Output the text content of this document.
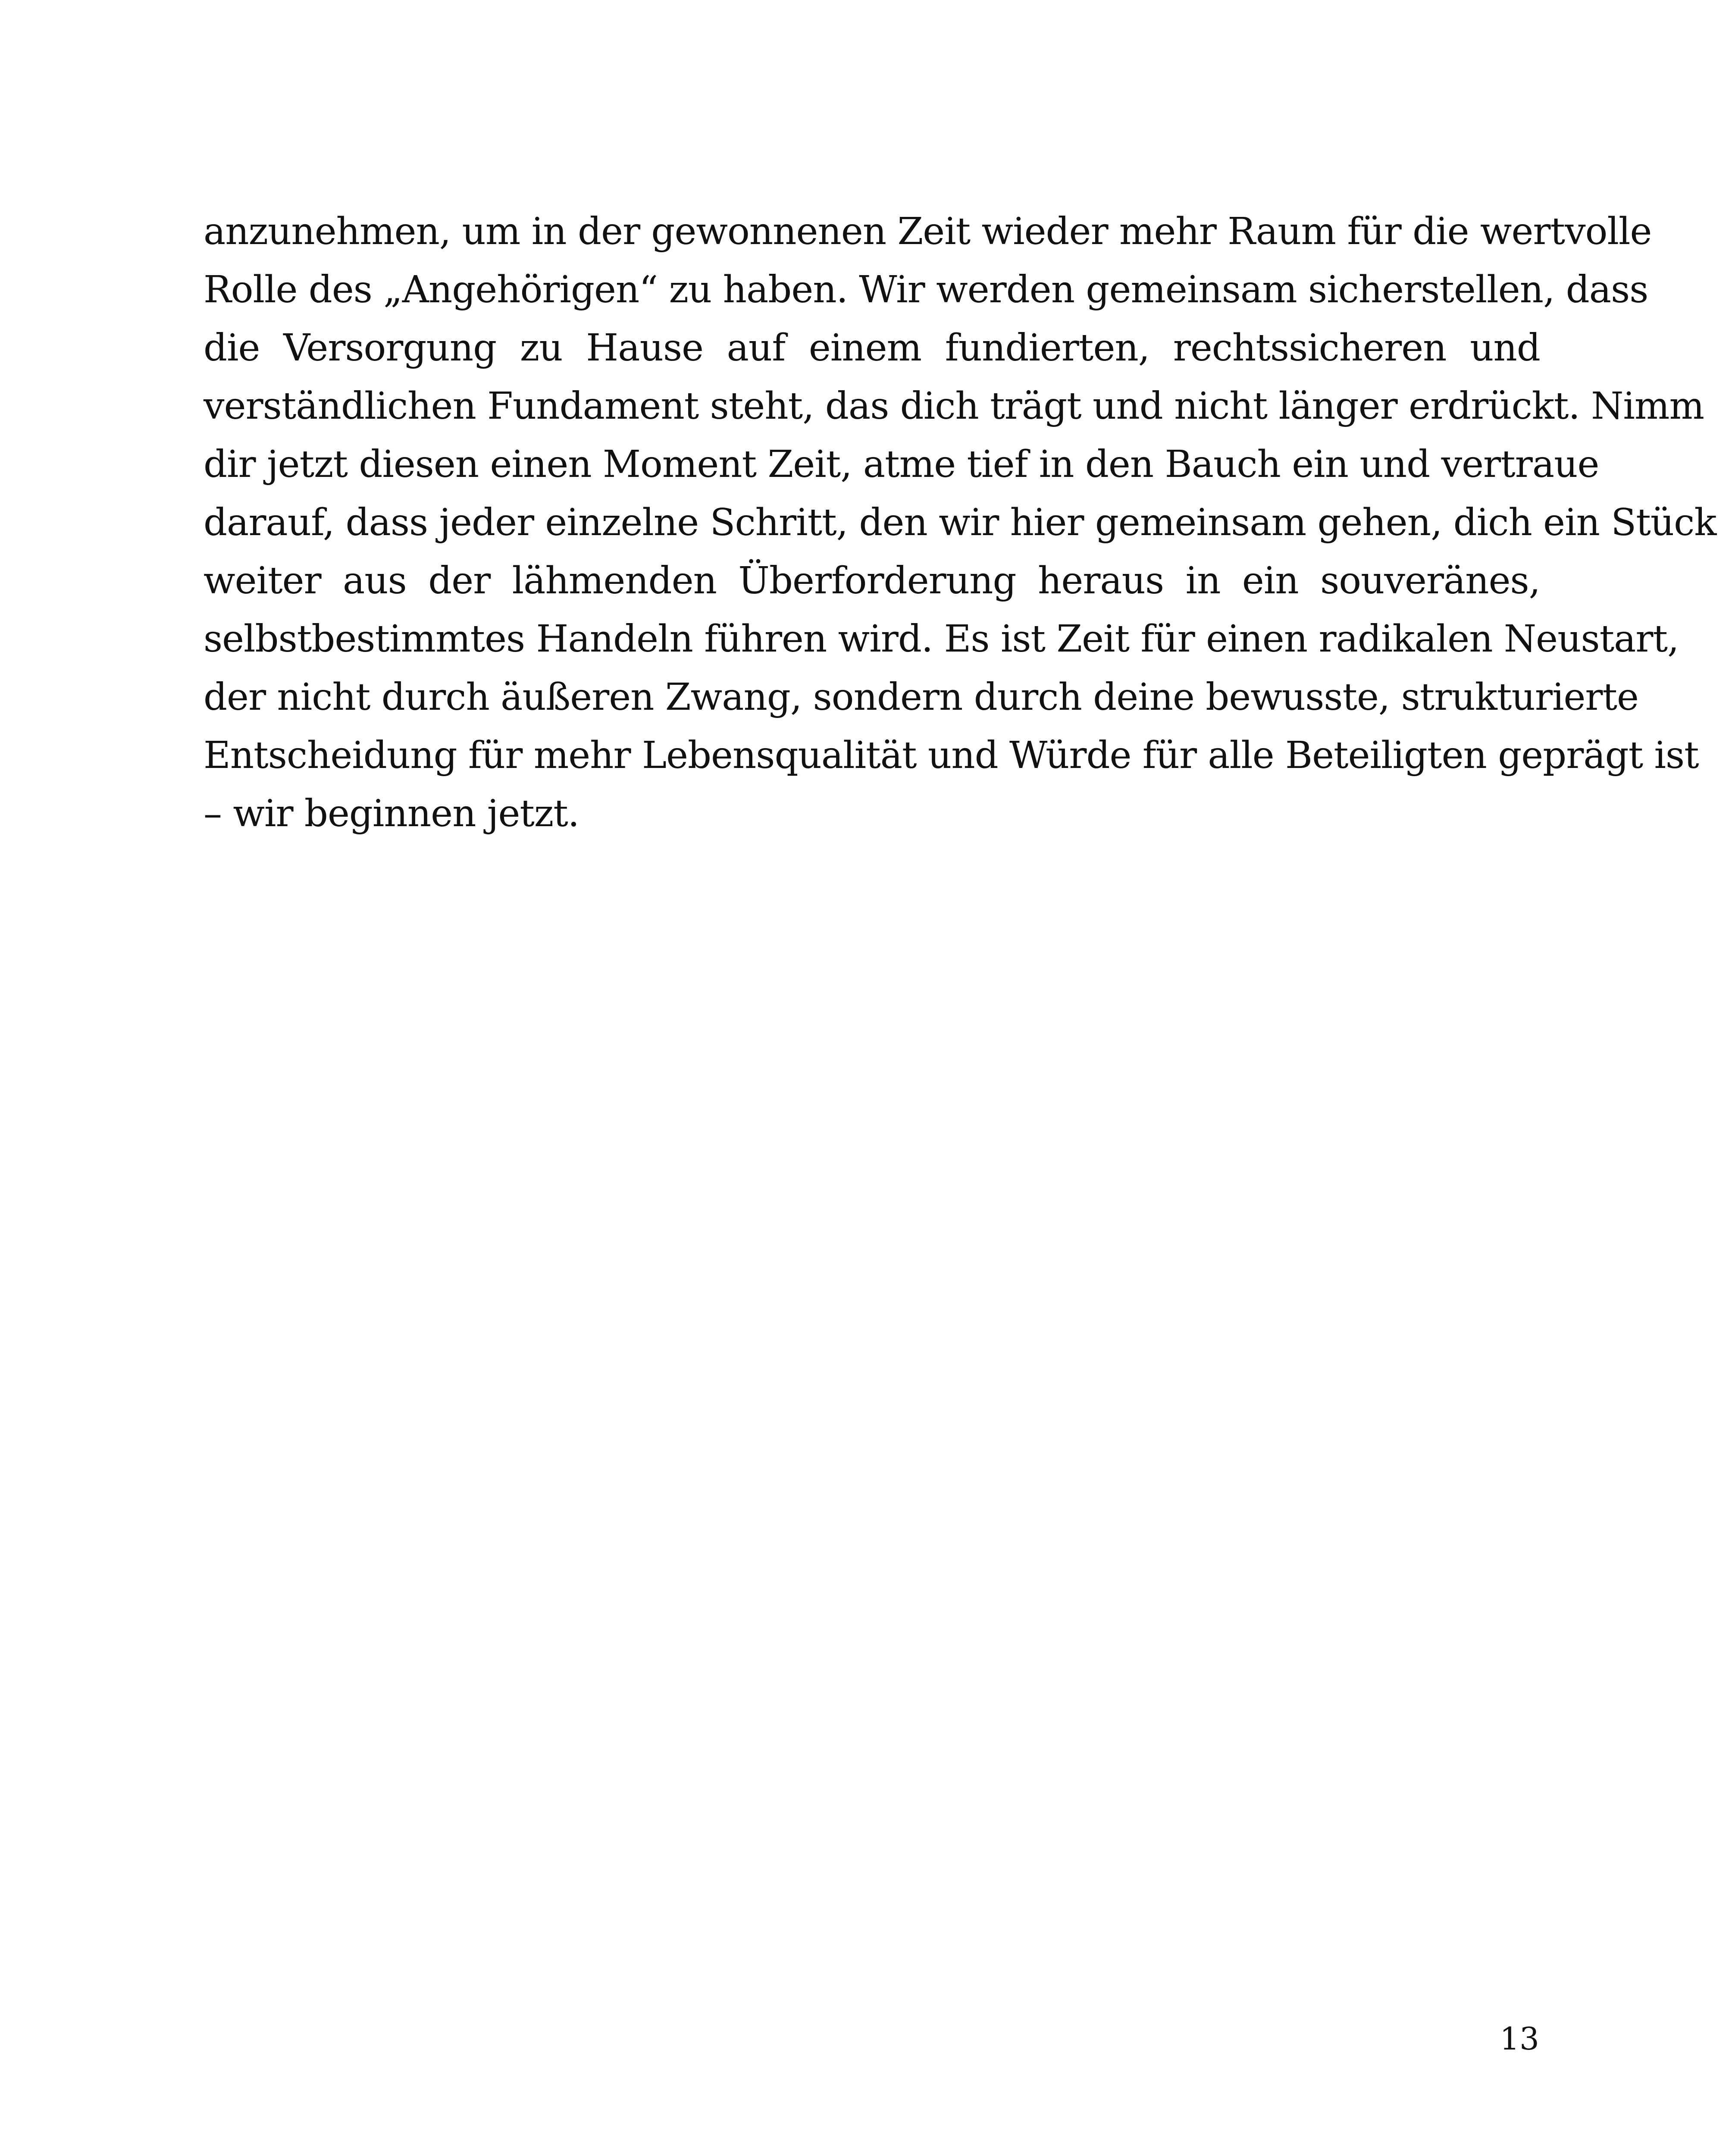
anzunehmen, um in der gewonnenen Zeit wieder mehr Raum für die wertvolle
Rolle des „Angehörigen“ zu haben. Wir werden gemeinsam sicherstellen, dass
die Versorgung zu Hause auf einem fundierten, rechtssicheren und
verständlichen Fundament steht, das dich trägt und nicht länger erdrückt. Nimm
dir jetzt diesen einen Moment Zeit, atme tief in den Bauch ein und vertraue
darauf, dass jeder einzelne Schritt, den wir hier gemeinsam gehen, dich ein Stück
weiter aus der lähmenden Überforderung heraus in ein souveränes,
selbstbestimmtes Handeln führen wird. Es ist Zeit für einen radikalen Neustart,
der nicht durch äußeren Zwang, sondern durch deine bewusste, strukturierte
Entscheidung für mehr Lebensqualität und Würde für alle Beteiligten geprägt ist
– wir beginnen jetzt.
13
